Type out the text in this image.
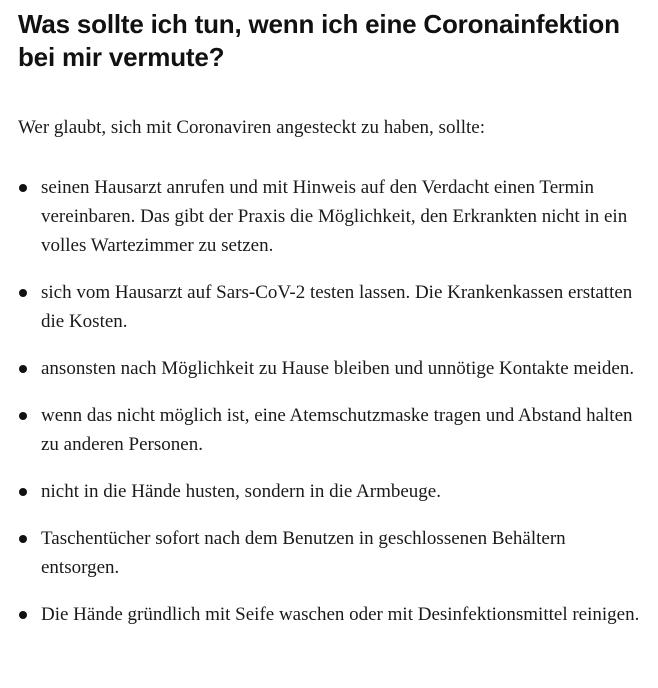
Was sollte ich tun, wenn ich eine Coronainfektion bei mir vermute?

Wer glaubt, sich mit Coronaviren angesteckt zu haben, sollte:

seinen Hausarzt anrufen und mit Hinweis auf den Verdacht einen Termin vereinbaren. Das gibt der Praxis die Möglichkeit, den Erkrankten nicht in ein volles Wartezimmer zu setzen.
sich vom Hausarzt auf Sars-CoV-2 testen lassen. Die Krankenkassen erstatten die Kosten.
ansonsten nach Möglichkeit zu Hause bleiben und unnötige Kontakte meiden.
wenn das nicht möglich ist, eine Atemschutzmaske tragen und Abstand halten zu anderen Personen.
nicht in die Hände husten, sondern in die Armbeuge.
Taschentücher sofort nach dem Benutzen in geschlossenen Behältern entsorgen.
Die Hände gründlich mit Seife waschen oder mit Desinfektionsmittel reinigen.
